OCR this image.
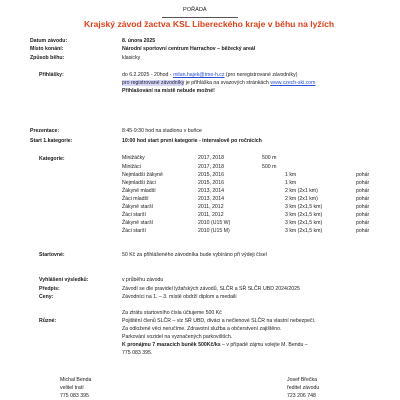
POŘÁDÁ
Krajský závod žactva KSL Libereckého kraje v běhu na lyžích
Datum závodu:	8. února 2025
Místo konání:	Národní sportovní centrum Harrachov – běžecký areál
Způsob běhu:	klasicky
Přihlášky:	do 6.2.2025 - 20hod - milan.hajek@tme-h.cz (pro neregistrované závodníky)
pro registrované závodníky je přihláška na svazových stránkách www.czech-ski.com
Přihlašování na místě nebude možné!
Prezentace:	8:45-9:30 hod na stadionu v buňce
Start 1.kategorie:	10:00 hod start první kategorie - intervalově po ročnících
Kategorie:	Minižáčky	2017, 2018	500 m
Minižáci	2017, 2018	500 m
Nejmladší žákyně	2015, 2016	1 km	pohár
Nejmladší žáci	2015, 2016	1 km	pohár
Žákyně mladší	2013, 2014	2 km (2x1 km)	pohár
Žáci mladší	2013, 2014	2 km (2x1 km)	pohár
Žákyně starší	2011, 2012	3 km (2x1,5 km)	pohár
Žáci starší	2011, 2012	3 km (2x1,5 km)	pohár
Žákyně starší	2010 (U15 W)	3 km (2x1,5 km)	pohár
Žáci starší	2010 (U15 M)	3 km (2x1,5 km)	pohár
Startovné:	50 Kč za přihlášeného závodníka bude vybíráno při výdeji čísel
Vyhlášení výsledků:	v průběhu závodu
Předpis:	Závodí se dle pravidel lyžařských závodů, SLČR a SŘ SLČR UBD 2024/2025
Ceny:	Závodníci na 1. – 3. místě obdrží diplom a medaili
Různé:
Za ztrátu startovního čísla účtujeme 500 Kč
Pojištění členů SLČR – viz SŘ UBD, diváci a nečlenové SLČR na vlastní nebezpečí.
Za odložené věci neručíme. Zdravotní služba a občerstvení zajištěno.
Parkování vozidel na vyznačených parkovištích.
K pronájmu 7 mazacích buněk 500Kč/ks – v případě zájmu volejte M. Bendu –
775 083 395.
Michal Benda
velitel tratí
775 083 395
Josef Břečka
ředitel závodu
723 206 748
